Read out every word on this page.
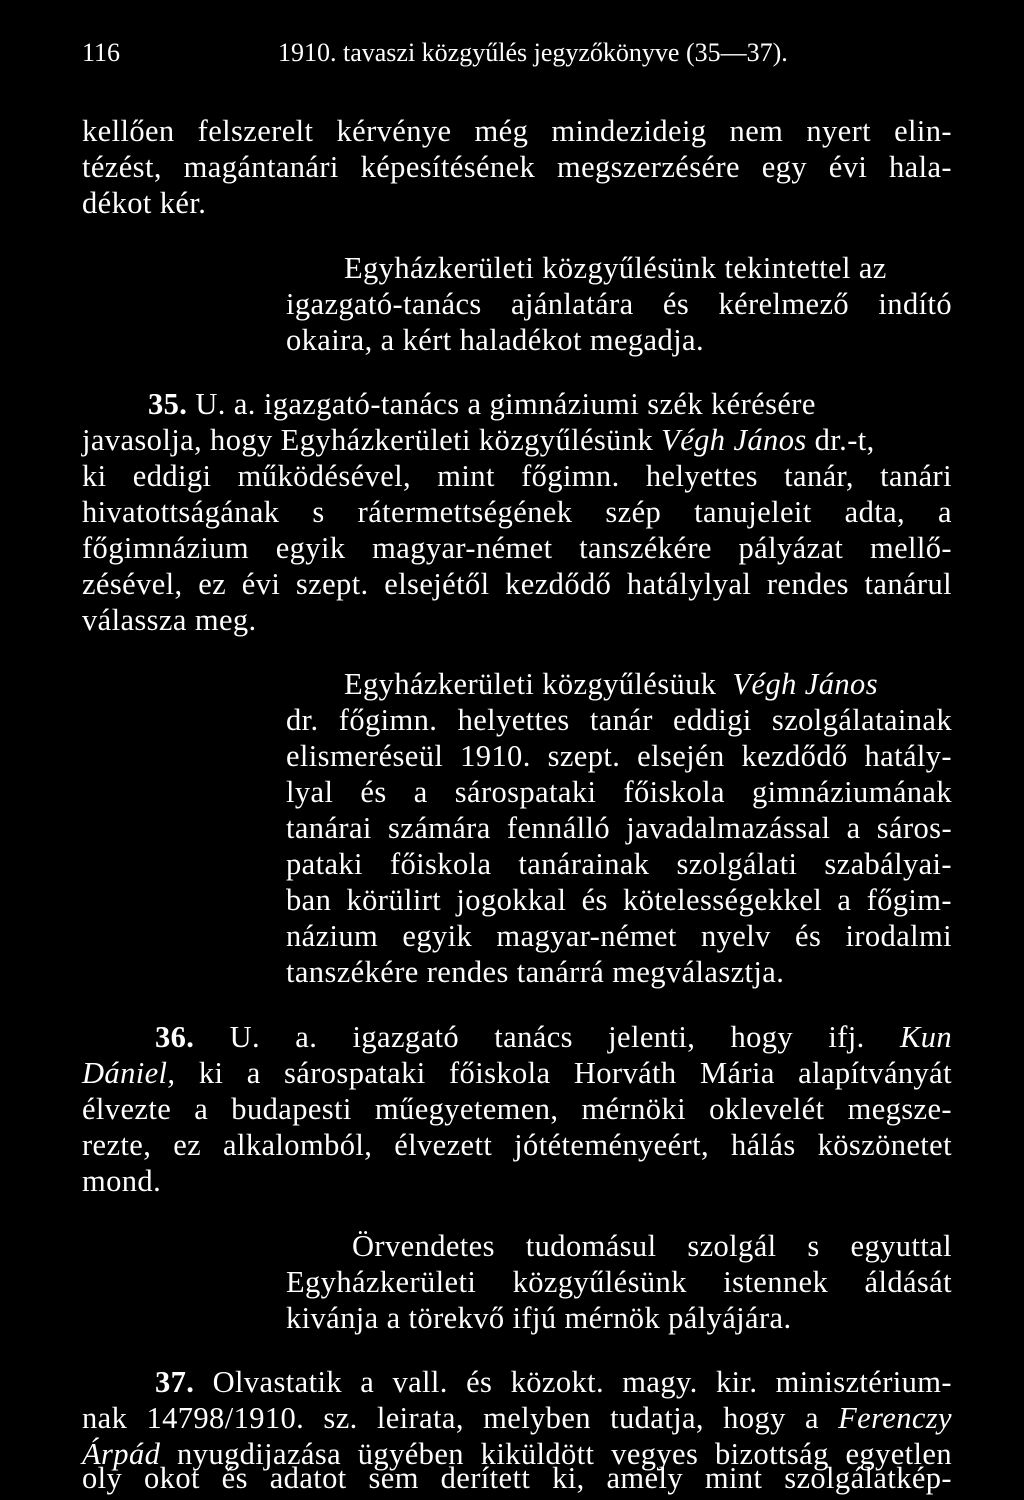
116	1910. tavaszi közgyűlés jegyzőkönyve (35—37).
kellően felszerelt kérvénye még mindezideig nem nyert elin-
tézést, magántanári képesítésének megszerzésére egy évi hala-
dékot kér.
Egyházkerületi közgyűlésünk tekintettel az
igazgató-tanács ajánlatára és kérelmező indító
okaira, a kért haladékot megadja.
35. U. a. igazgató-tanács a gimnáziumi szék kérésére
javasolja, hogy Egyházkerületi közgyűlésünk Végh János dr.-t,
ki eddigi működésével, mint főgimn. helyettes tanár, tanári
hivatottságának s rátermettségének szép tanujeleit adta, a
főgimnázium egyik magyar-német tanszékére pályázat mellő-
zésével, ez évi szept. elsejétől kezdődő hatálylyal rendes tanárul
válassza meg.
Egyházkerületi közgyűlésüuk Végh János
dr. főgimn. helyettes tanár eddigi szolgálatainak
elismeréseül 1910. szept. elsején kezdődő hatály-
lyal és a sárospataki főiskola gimnáziumának
tanárai számára fennálló javadalmazással a sáros-
pataki főiskola tanárainak szolgálati szabályai-
ban körülirt jogokkal és kötelességekkel a főgim-
názium egyik magyar-német nyelv és irodalmi
tanszékére rendes tanárrá megválasztja.
36. U. a. igazgató tanács jelenti, hogy ifj. Kun
Dániel, ki a sárospataki főiskola Horváth Mária alapítványát
élvezte a budapesti műegyetemen, mérnöki oklevelét megsze-
rezte, ez alkalomból, élvezett jótéteményeért, hálás köszönetet
mond.
Örvendetes tudomásul szolgál s egyuttal
Egyházkerületi közgyűlésünk istennek áldását
kivánja a törekvő ifjú mérnök pályájára.
37. Olvastatik a vall. és közokt. magy. kir. minisztérium-
nak 14798/1910. sz. leirata, melyben tudatja, hogy a Ferenczy
Árpád nyugdijazása ügyében kiküldött vegyes bizottság egyetlen
oly okot és adatot sem derített ki, amely mint szolgálatkép-
